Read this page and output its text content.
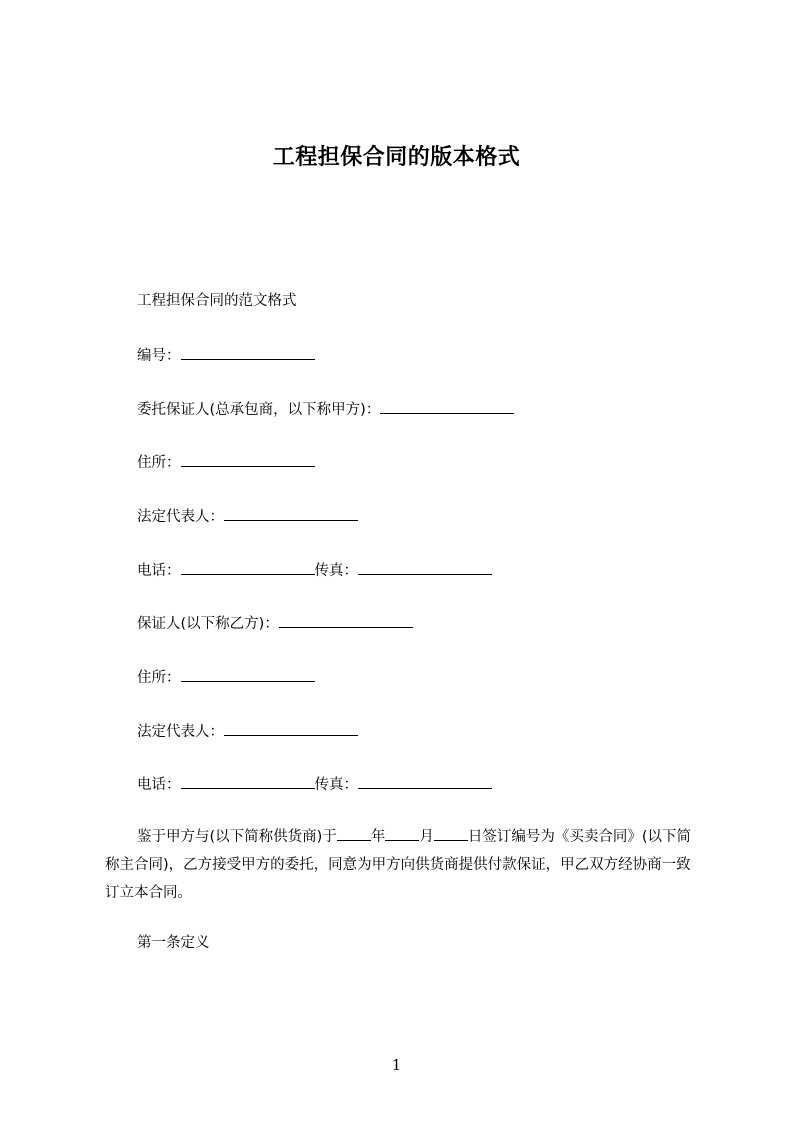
工程担保合同的版本格式
工程担保合同的范文格式
编号：
委托保证人(总承包商，以下称甲方)：
住所：
法定代表人：
电话：	传真：
保证人(以下称乙方)：
住所：
法定代表人：
电话：	传真：
鉴于甲方与(以下简称供货商)于 年 月 日签订编号为《买卖合同》(以下简称主合同)，乙方接受甲方的委托，同意为甲方向供货商提供付款保证，甲乙双方经协商一致订立本合同。
第一条定义
1
